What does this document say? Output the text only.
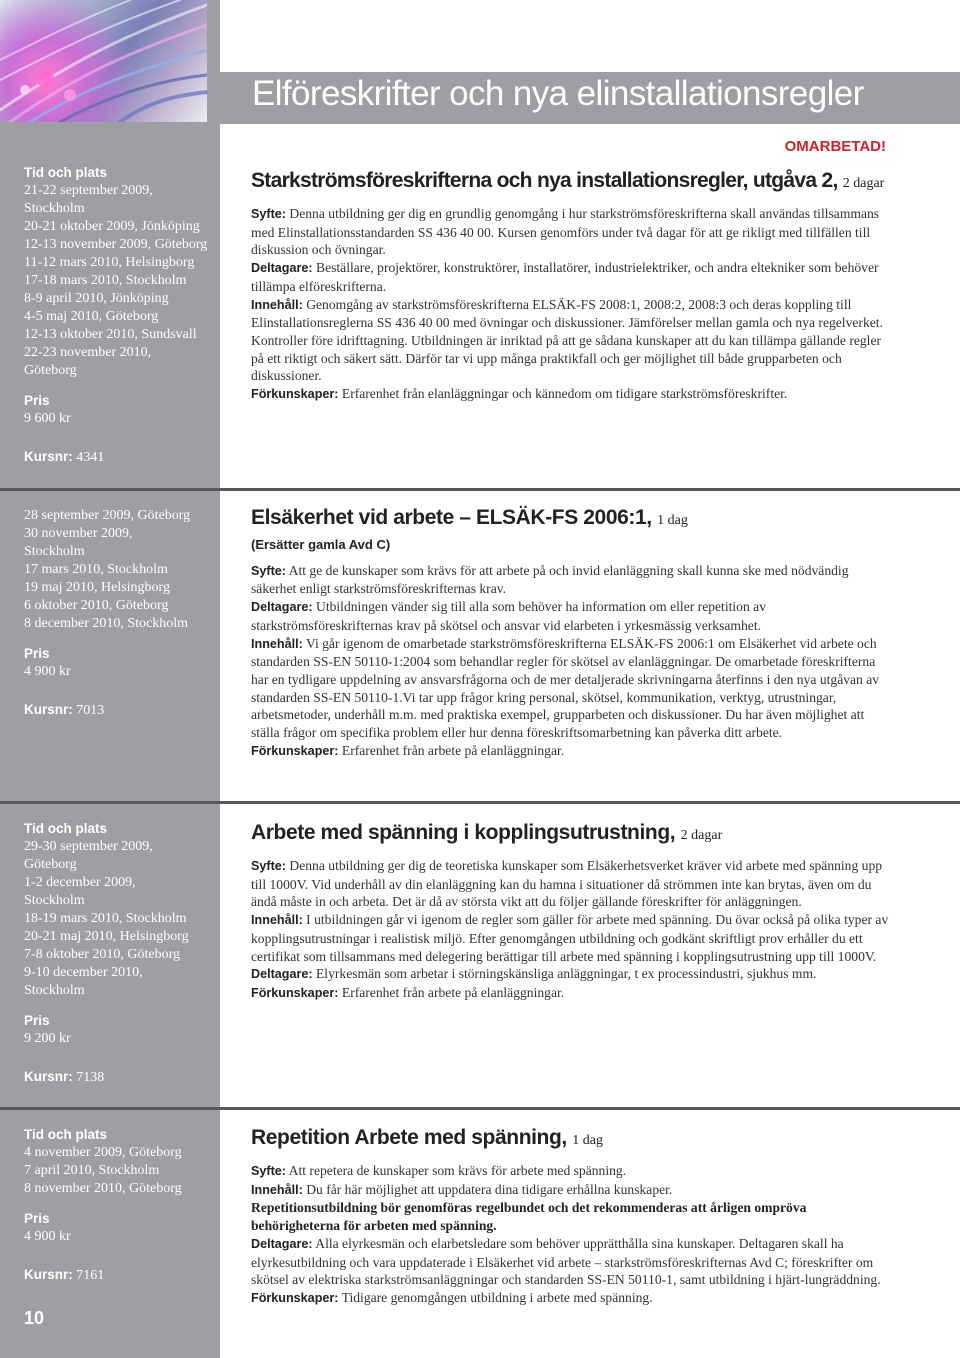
Elföreskrifter och nya elinstallationsregler
OMARBETAD!
Tid och plats
21-22 september 2009,
Stockholm
20-21 oktober 2009, Jönköping
12-13 november 2009, Göteborg
11-12 mars 2010, Helsingborg
17-18 mars 2010, Stockholm
8-9 april 2010, Jönköping
4-5 maj 2010, Göteborg
12-13 oktober 2010, Sundsvall
22-23 november 2010,
Göteborg
Pris
9 600 kr
Kursnr: 4341
Starkströmsföreskrifterna och nya installationsregler, utgåva 2, 2 dagar

Syfte: Denna utbildning ger dig en grundlig genomgång i hur starkströmsföreskrifterna skall användas tillsammans med Elinstallationsstandarden SS 436 40 00. Kursen genomförs under två dagar för att ge rikligt med tillfällen till diskussion och övningar.

Deltagare: Beställare, projektörer, konstruktörer, installatörer, industrielektriker, och andra eltekniker som behöver tillämpa elföreskrifterna.

Innehåll: Genomgång av starkströmsföreskrifterna ELSÄK-FS 2008:1, 2008:2, 2008:3 och deras koppling till Elinstallationsreglerna SS 436 40 00 med övningar och diskussioner. Jämförelser mellan gamla och nya regelverket. Kontroller före idrifttagning. Utbildningen är inriktad på att ge sådana kunskaper att du kan tillämpa gällande regler på ett riktigt och säkert sätt. Därför tar vi upp många praktikfall och ger möjlighet till både grupparbeten och diskussioner.

Förkunskaper: Erfarenhet från elanläggningar och kännedom om tidigare starkströmsföreskrifter.

28 september 2009, Göteborg
30 november 2009,
Stockholm
17 mars 2010, Stockholm
19 maj 2010, Helsingborg
6 oktober 2010, Göteborg
8 december 2010, Stockholm
Pris
4 900 kr
Kursnr: 7013
Elsäkerhet vid arbete – ELSÄK-FS 2006:1, 1 dag
(Ersätter gamla Avd C)

Syfte: Att ge de kunskaper som krävs för att arbete på och invid elanläggning skall kunna ske med nödvändig säkerhet enligt starkströmsföreskrifternas krav.

Deltagare: Utbildningen vänder sig till alla som behöver ha information om eller repetition av starkströmsföreskrifternas krav på skötsel och ansvar vid elarbeten i yrkesmässig verksamhet.

Innehåll: Vi går igenom de omarbetade starkströmsföreskrifterna ELSÄK-FS 2006:1 om Elsäkerhet vid arbete och standarden SS-EN 50110-1:2004 som behandlar regler för skötsel av elanläggningar. De omarbetade föreskrifterna har en tydligare uppdelning av ansvarsfrågorna och de mer detaljerade skrivningarna återfinns i den nya utgåvan av standarden SS-EN 50110-1.Vi tar upp frågor kring personal, skötsel, kommunikation, verktyg, utrustningar, arbetsmetoder, underhåll m.m. med praktiska exempel, grupparbeten och diskussioner. Du har även möjlighet att ställa frågor om specifika problem eller hur denna föreskriftsomarbetning kan påverka ditt arbete.

Förkunskaper: Erfarenhet från arbete på elanläggningar.

Tid och plats
29-30 september 2009,
Göteborg
1-2 december 2009,
Stockholm
18-19 mars 2010, Stockholm
20-21 maj 2010, Helsingborg
7-8 oktober 2010, Göteborg
9-10 december 2010,
Stockholm
Pris
9 200 kr
Kursnr: 7138
Arbete med spänning i kopplingsutrustning, 2 dagar

Syfte: Denna utbildning ger dig de teoretiska kunskaper som Elsäkerhetsverket kräver vid arbete med spänning upp till 1000V. Vid underhåll av din elanläggning kan du hamna i situationer då strömmen inte kan brytas, även om du ändå måste in och arbeta. Det är då av största vikt att du följer gällande föreskrifter för anläggningen.

Innehåll: I utbildningen går vi igenom de regler som gäller för arbete med spänning. Du övar också på olika typer av kopplingsutrustningar i realistisk miljö. Efter genomgången utbildning och godkänt skriftligt prov erhåller du ett certifikat som tillsammans med delegering berättigar till arbete med spänning i kopplingsutrustning upp till 1000V.

Deltagare: Elyrkesmän som arbetar i störningskänsliga anläggningar, t ex processindustri, sjukhus mm.

Förkunskaper: Erfarenhet från arbete på elanläggningar.

Tid och plats
4 november 2009, Göteborg
7 april 2010, Stockholm
8 november 2010, Göteborg
Pris
4 900 kr
Kursnr: 7161
Repetition Arbete med spänning, 1 dag

Syfte: Att repetera de kunskaper som krävs för arbete med spänning.

Innehåll: Du får här möjlighet att uppdatera dina tidigare erhållna kunskaper.

Repetitionsutbildning bör genomföras regelbundet och det rekommenderas att årligen ompröva behörigheterna för arbeten med spänning.

Deltagare: Alla elyrkesmän och elarbetsledare som behöver upprätthålla sina kunskaper. Deltagaren skall ha elyrkesutbildning och vara uppdaterade i Elsäkerhet vid arbete – starkströmsföreskrifternas Avd C; föreskrifter om skötsel av elektriska starkströmsanläggningar och standarden SS-EN 50110-1, samt utbildning i hjärt-lungräddning.

Förkunskaper: Tidigare genomgången utbildning i arbete med spänning.

10
